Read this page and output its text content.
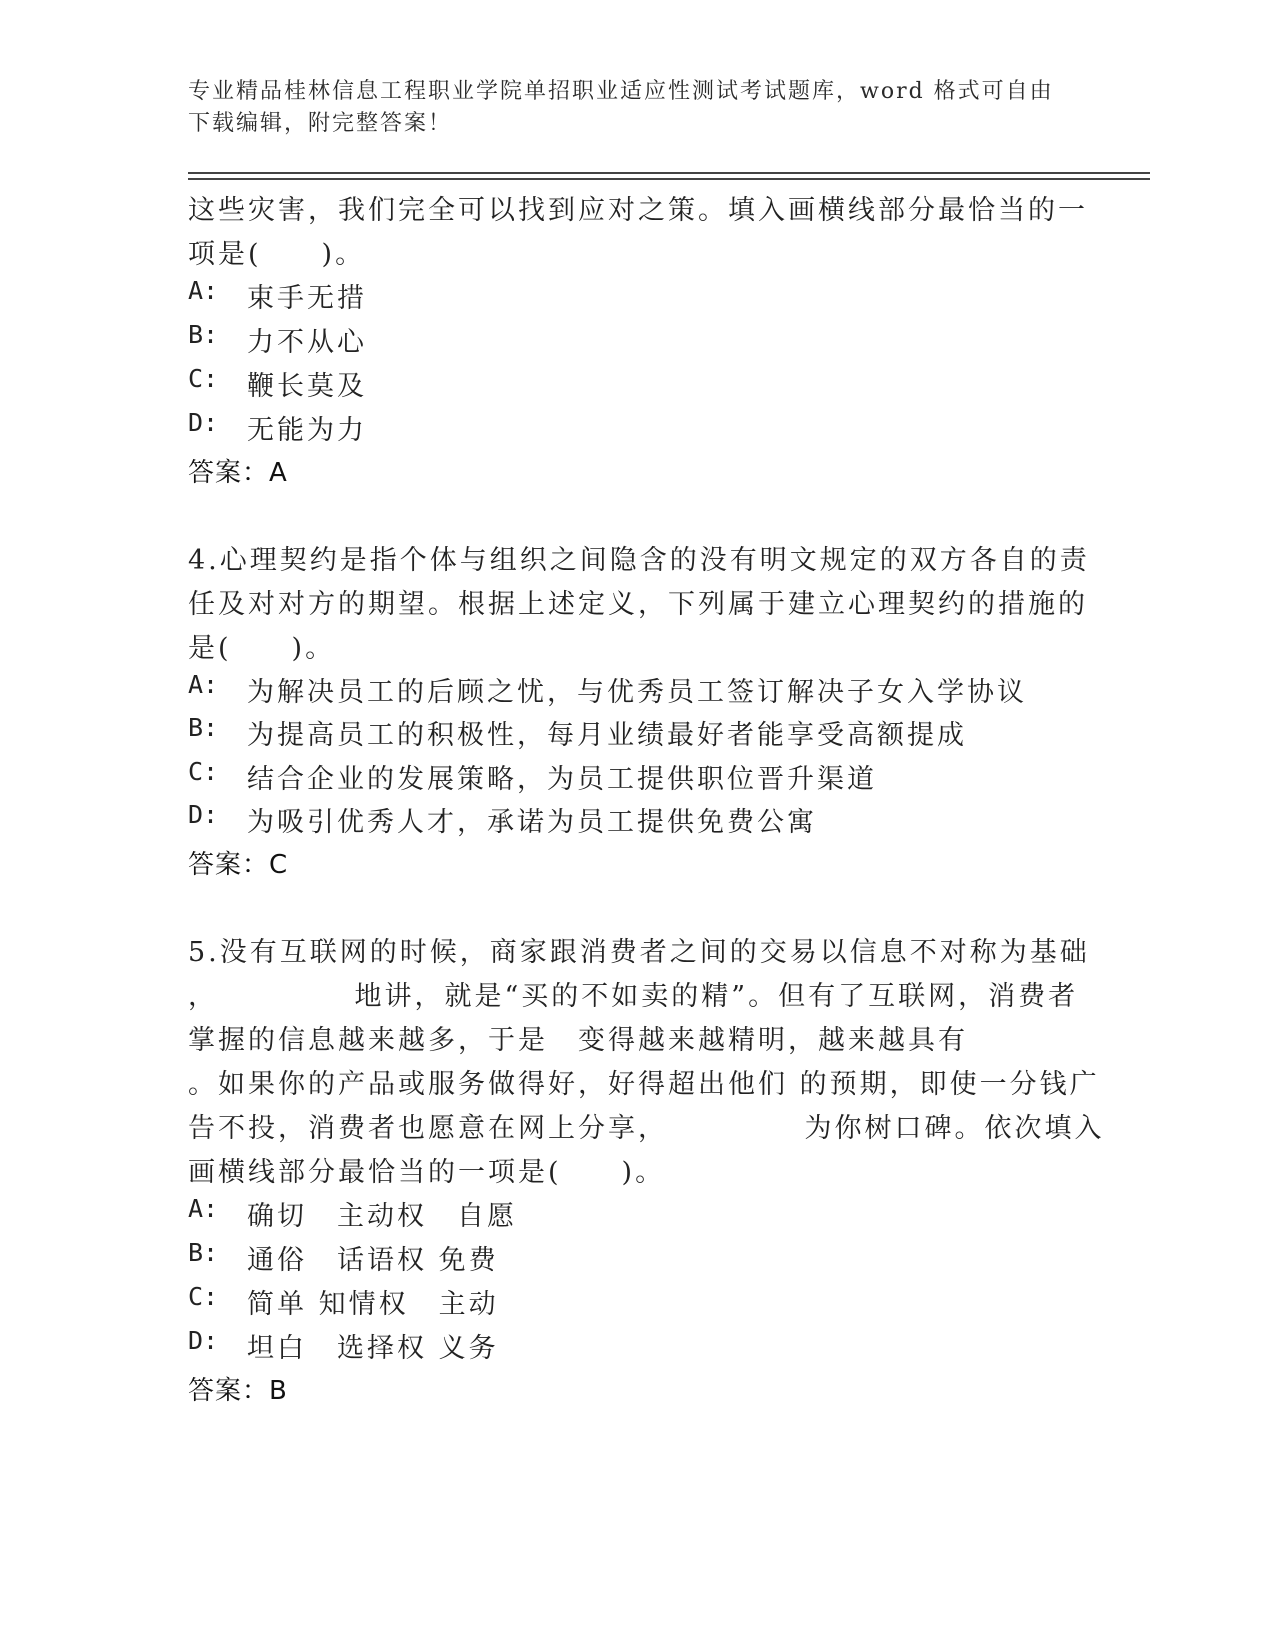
专业精品桂林信息工程职业学院单招职业适应性测试考试题库，word 格式可自由
下载编辑，附完整答案！
这些灾害，我们完全可以找到应对之策。填入画横线部分最恰当的一
项是(　　)。
A: 束手无措
B: 力不从心
C: 鞭长莫及
D: 无能为力
答案：A
4.心理契约是指个体与组织之间隐含的没有明文规定的双方各自的责
任及对对方的期望。根据上述定义，下列属于建立心理契约的措施的
是(　　)。
A: 为解决员工的后顾之忧，与优秀员工签订解决子女入学协议
B: 为提高员工的积极性，每月业绩最好者能享受高额提成
C: 结合企业的发展策略，为员工提供职位晋升渠道
D: 为吸引优秀人才，承诺为员工提供免费公寓
答案：C
5.没有互联网的时候，商家跟消费者之间的交易以信息不对称为基础
，　　　　　地讲，就是“买的不如卖的精”。但有了互联网，消费者
掌握的信息越来越多，于是　变得越来越精明，越来越具有
。如果你的产品或服务做得好，好得超出他们 的预期，即使一分钱广
告不投，消费者也愿意在网上分享，　　　　　为你树口碑。依次填入
画横线部分最恰当的一项是(　　)。
A: 确切　主动权　自愿
B: 通俗　话语权 免费
C: 简单 知情权　主动
D: 坦白　选择权 义务
答案：B
